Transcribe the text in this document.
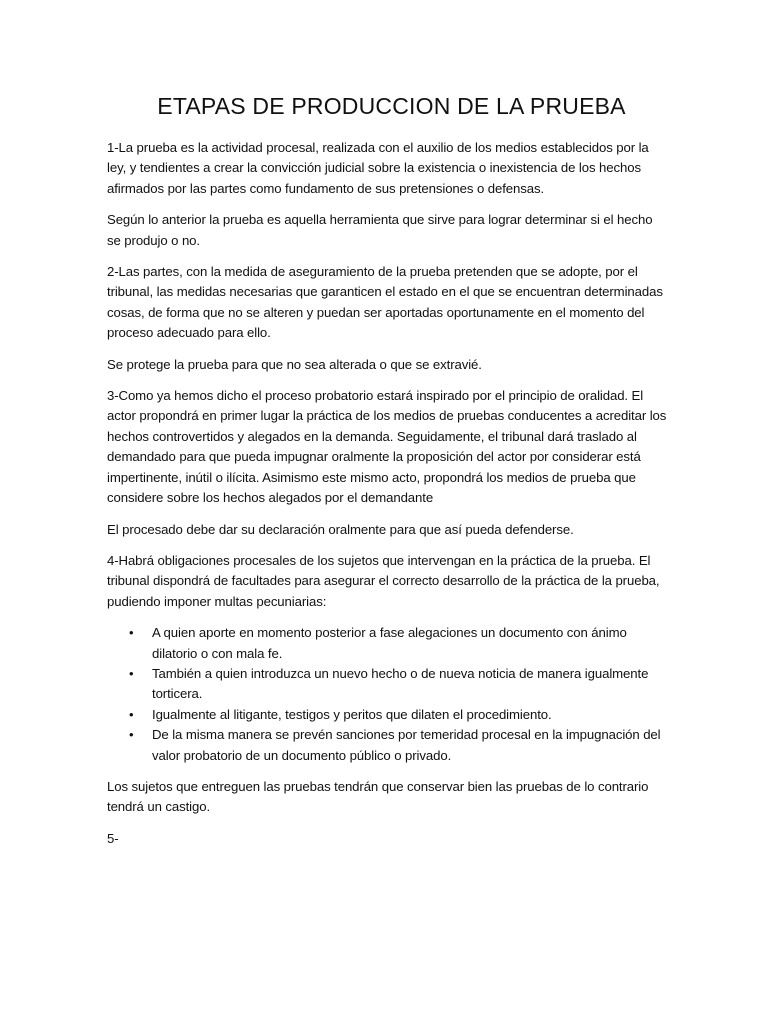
ETAPAS DE PRODUCCION DE LA PRUEBA

1-La prueba es la actividad procesal, realizada con el auxilio de los medios establecidos por la ley, y tendientes a crear la convicción judicial sobre la existencia o inexistencia de los hechos afirmados por las partes como fundamento de sus pretensiones o defensas.

Según lo anterior la prueba es aquella herramienta que sirve para lograr determinar si el hecho se produjo o no.

2-Las partes, con la medida de aseguramiento de la prueba pretenden que se adopte, por el tribunal, las medidas necesarias que garanticen el estado en el que se encuentran determinadas cosas, de forma que no se alteren y puedan ser aportadas oportunamente en el momento del proceso adecuado para ello.

Se protege la prueba para que no sea alterada o que se extravié.

3-Como ya hemos dicho el proceso probatorio estará inspirado por el principio de oralidad. El actor propondrá en primer lugar la práctica de los medios de pruebas conducentes a acreditar los hechos controvertidos y alegados en la demanda. Seguidamente, el tribunal dará traslado al demandado para que pueda impugnar oralmente la proposición del actor por considerar está impertinente, inútil o ilícita. Asimismo este mismo acto, propondrá los medios de prueba que considere sobre los hechos alegados por el demandante

El procesado debe dar su declaración oralmente para que así pueda defenderse.

4-Habrá obligaciones procesales de los sujetos que intervengan en la práctica de la prueba. El tribunal dispondrá de facultades para asegurar el correcto desarrollo de la práctica de la prueba, pudiendo imponer multas pecuniarias:

• A quien aporte en momento posterior a fase alegaciones un documento con ánimo dilatorio o con mala fe.
• También a quien introduzca un nuevo hecho o de nueva noticia de manera igualmente torticera.
• Igualmente al litigante, testigos y peritos que dilaten el procedimiento.
• De la misma manera se prevén sanciones por temeridad procesal en la impugnación del valor probatorio de un documento público o privado.

Los sujetos que entreguen las pruebas tendrán que conservar bien las pruebas de lo contrario tendrá un castigo.

5-
